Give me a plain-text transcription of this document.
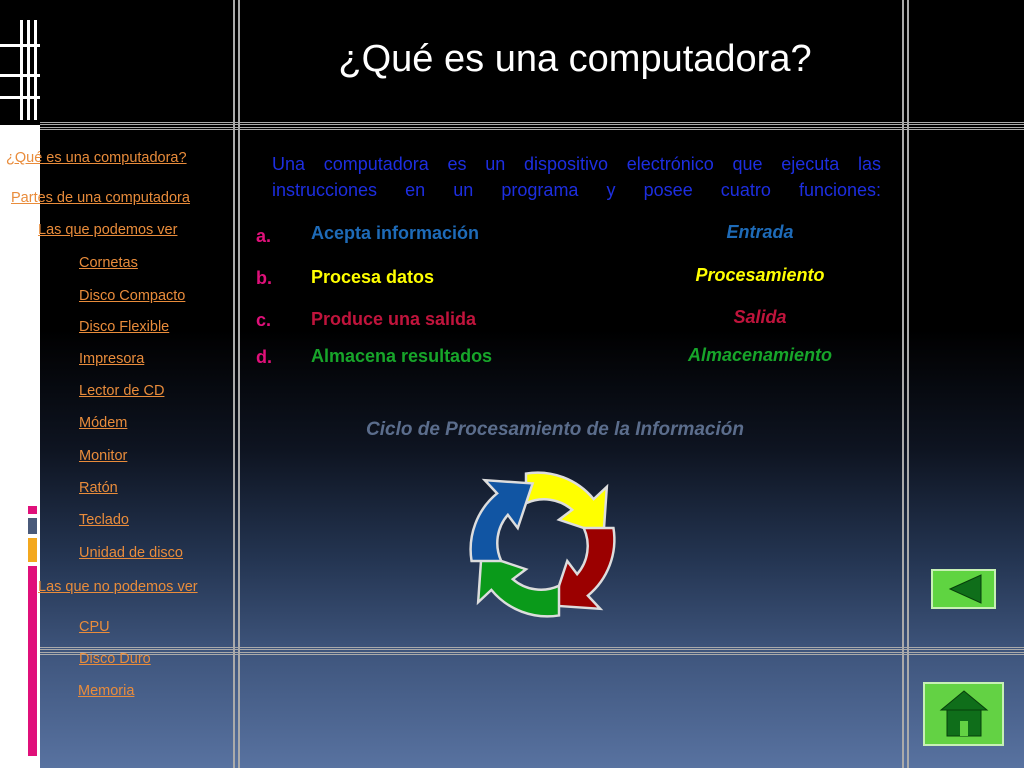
¿Qué es una computadora?
¿Qué es una computadora?
Partes de una computadora
Las que podemos ver
Cornetas
Disco Compacto
Disco Flexible
Impresora
Lector de CD
Módem
Monitor
Ratón
Teclado
Unidad de disco
Las que no podemos ver
CPU
Disco Duro
Memoria
Una computadora es un dispositivo electrónico que ejecuta las instrucciones en un programa y posee cuatro funciones:
a. Acepta información	Entrada
b. Procesa datos	Procesamiento
c. Produce una salida	Salida
d. Almacena resultados	Almacenamiento
Ciclo de Procesamiento de la Información
